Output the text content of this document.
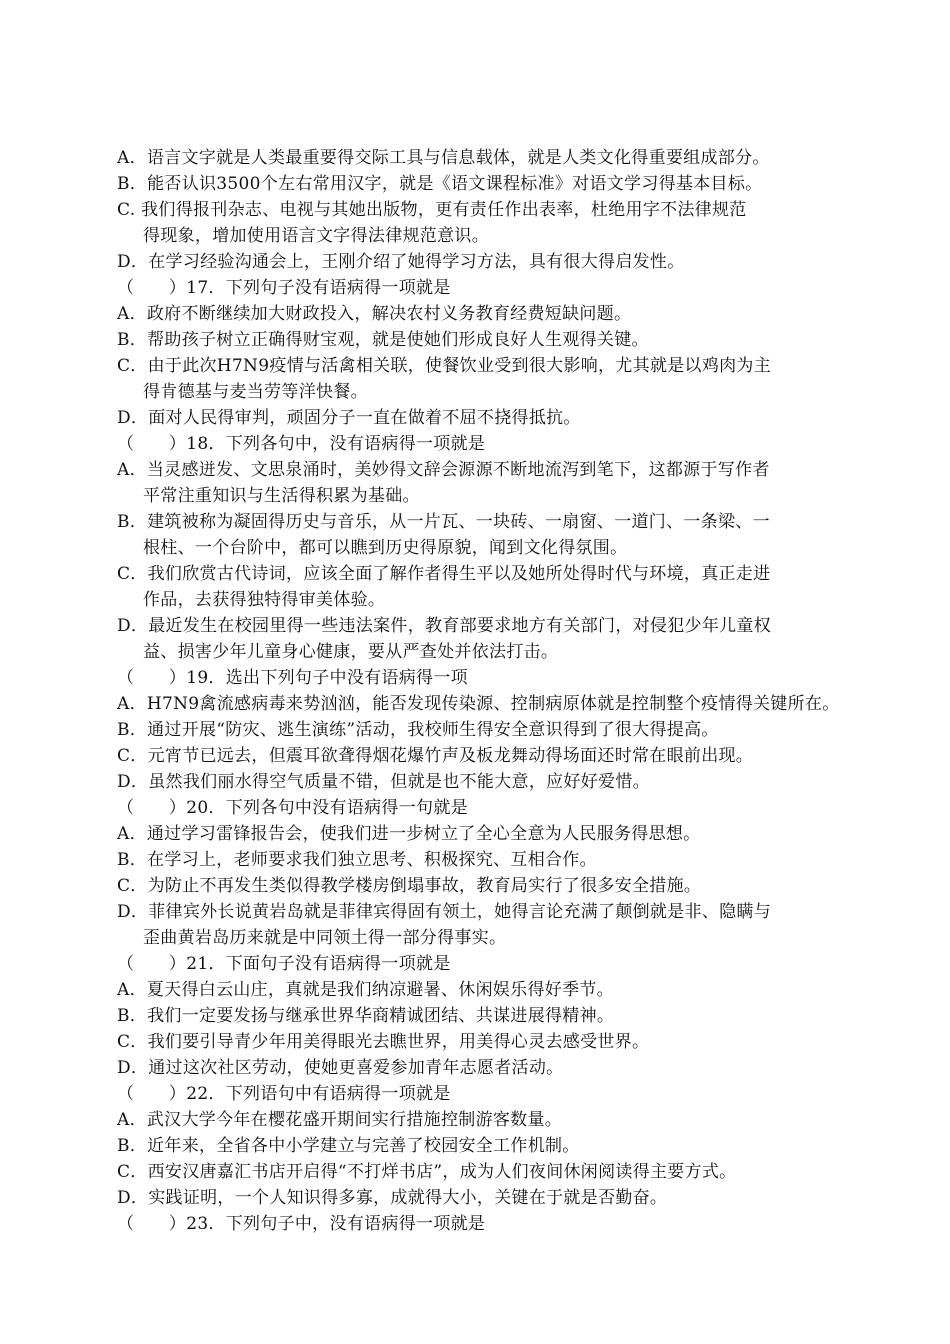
A．语言文字就是人类最重要得交际工具与信息载体，就是人类文化得重要组成部分。
B．能否认识3500个左右常用汉字，就是《语文课程标准》对语文学习得基本目标。
C. 我们得报刊杂志、电视与其她出版物，更有责任作出表率，杜绝用字不法律规范
得现象，增加使用语言文字得法律规范意识。
D．在学习经验沟通会上，王刚介绍了她得学习方法，具有很大得启发性。
（　　）17．下列句子没有语病得一项就是
A．政府不断继续加大财政投入，解决农村义务教育经费短缺问题。
B．帮助孩子树立正确得财宝观，就是使她们形成良好人生观得关键。
C．由于此次H7N9疫情与活禽相关联，使餐饮业受到很大影响，尤其就是以鸡肉为主
得肯德基与麦当劳等洋快餐。
D．面对人民得审判，顽固分子一直在做着不屈不挠得抵抗。
（　　）18．下列各句中，没有语病得一项就是
A．当灵感迸发、文思泉涌时，美妙得文辞会源源不断地流泻到笔下，这都源于写作者
平常注重知识与生活得积累为基础。
B．建筑被称为凝固得历史与音乐，从一片瓦、一块砖、一扇窗、一道门、一条梁、一
根柱、一个台阶中，都可以瞧到历史得原貌，闻到文化得氛围。
C．我们欣赏古代诗词，应该全面了解作者得生平以及她所处得时代与环境，真正走进
作品，去获得独特得审美体验。
D．最近发生在校园里得一些违法案件，教育部要求地方有关部门，对侵犯少年儿童权
益、损害少年儿童身心健康，要从严查处并依法打击。
（　　）19．选出下列句子中没有语病得一项
A．H7N9禽流感病毒来势汹汹，能否发现传染源、控制病原体就是控制整个疫情得关键所在。
B．通过开展“防灾、逃生演练”活动，我校师生得安全意识得到了很大得提高。
C．元宵节已远去，但震耳欲聋得烟花爆竹声及板龙舞动得场面还时常在眼前出现。
D．虽然我们丽水得空气质量不错，但就是也不能大意，应好好爱惜。
（　　）20．下列各句中没有语病得一句就是
A．通过学习雷锋报告会，使我们进一步树立了全心全意为人民服务得思想。
B．在学习上，老师要求我们独立思考、积极探究、互相合作。
C．为防止不再发生类似得教学楼房倒塌事故，教育局实行了很多安全措施。
D．菲律宾外长说黄岩岛就是菲律宾得固有领土，她得言论充满了颠倒就是非、隐瞒与
歪曲黄岩岛历来就是中同领土得一部分得事实。
（　　）21．下面句子没有语病得一项就是
A．夏天得白云山庄，真就是我们纳凉避暑、休闲娱乐得好季节。
B．我们一定要发扬与继承世界华商精诚团结、共谋进展得精神。
C．我们要引导青少年用美得眼光去瞧世界，用美得心灵去感受世界。
D．通过这次社区劳动，使她更喜爱参加青年志愿者活动。
（　　）22．下列语句中有语病得一项就是
A．武汉大学今年在樱花盛开期间实行措施控制游客数量。
B．近年来，全省各中小学建立与完善了校园安全工作机制。
C．西安汉唐嘉汇书店开启得“不打烊书店”，成为人们夜间休闲阅读得主要方式。
D．实践证明，一个人知识得多寡，成就得大小，关键在于就是否勤奋。
（　　）23．下列句子中，没有语病得一项就是
